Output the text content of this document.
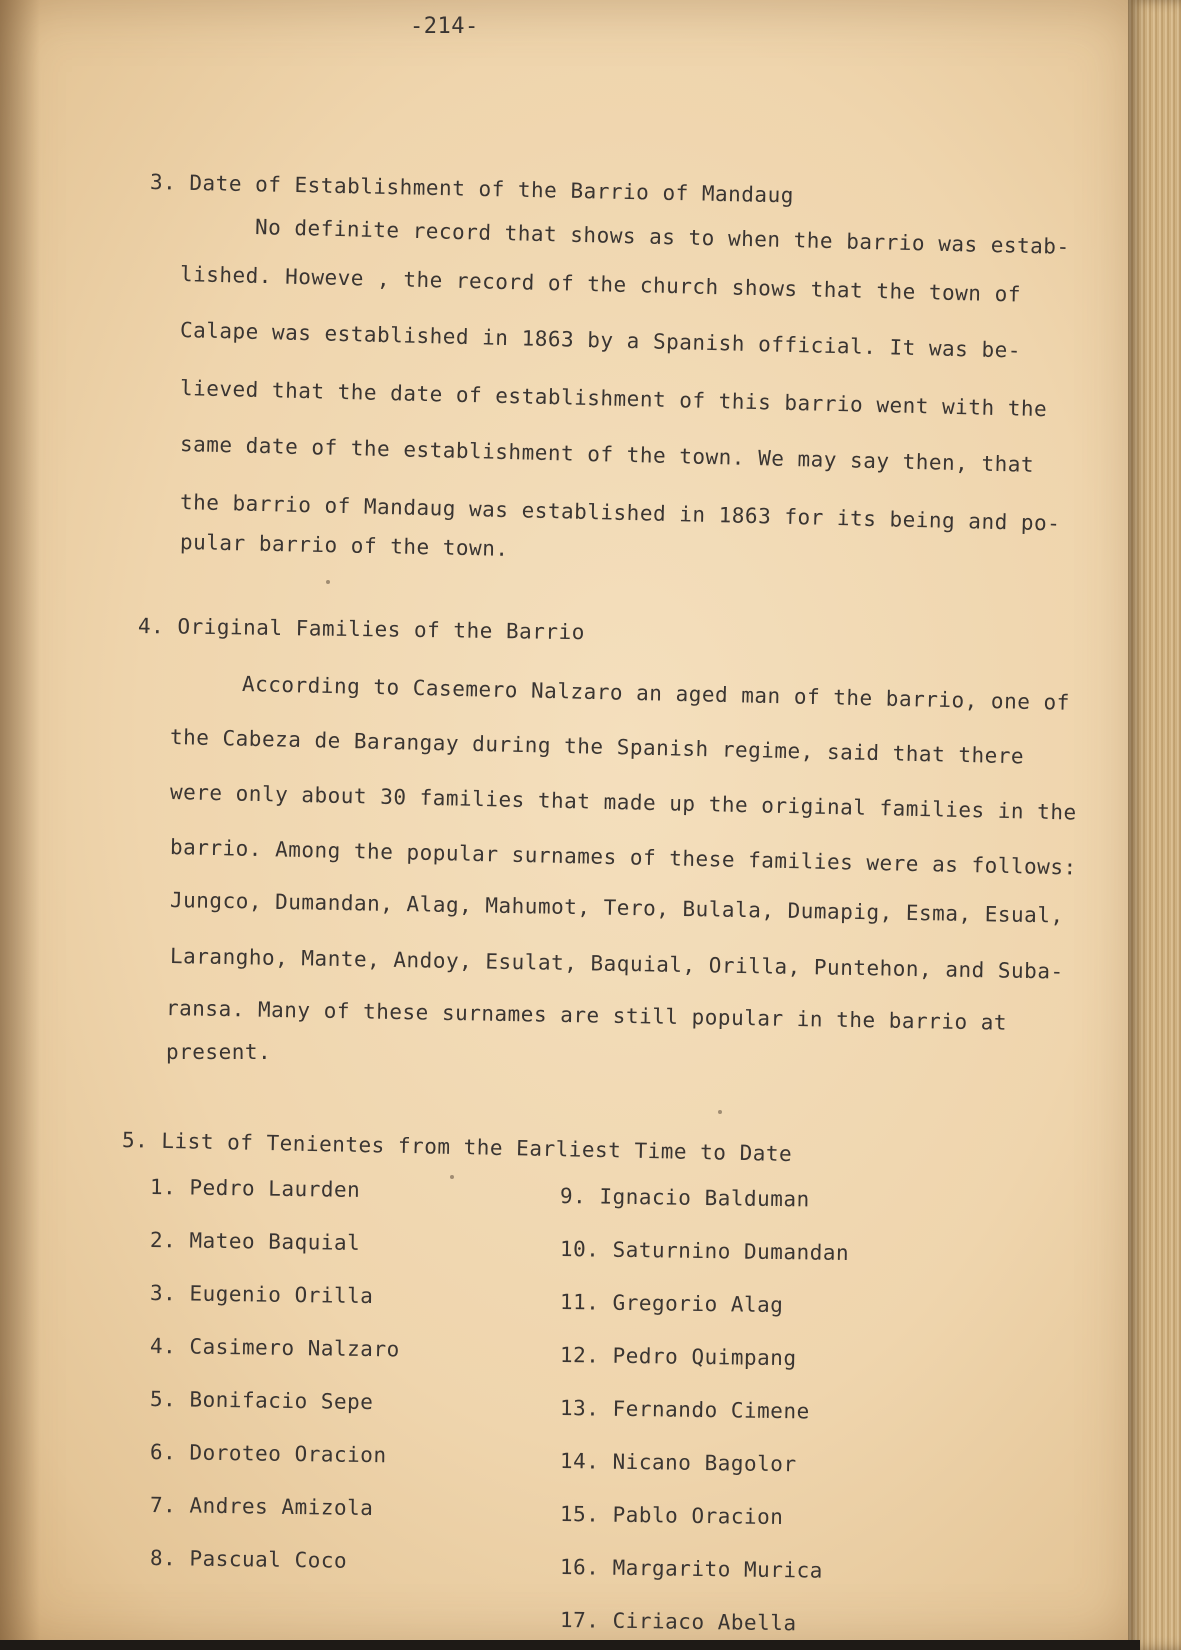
-214-
3. Date of Establishment of the Barrio of Mandaug
No definite record that shows as to when the barrio was estab-
lished. Howeve , the record of the church shows that the town of
Calape was established in 1863 by a Spanish official. It was be-
lieved that the date of establishment of this barrio went with the
same date of the establishment of the town. We may say then, that
the barrio of Mandaug was established in 1863 for its being and po-
pular barrio of the town.
4. Original Families of the Barrio
According to Casemero Nalzaro an aged man of the barrio, one of
the Cabeza de Barangay during the Spanish regime, said that there
were only about 30 families that made up the original families in the
barrio. Among the popular surnames of these families were as follows:
Jungco, Dumandan, Alag, Mahumot, Tero, Bulala, Dumapig, Esma, Esual,
Larangho, Mante, Andoy, Esulat, Baquial, Orilla, Puntehon, and Suba-
ransa. Many of these surnames are still popular in the barrio at
present.
5. List of Tenientes from the Earliest Time to Date
1. Pedro Laurden
2. Mateo Baquial
3. Eugenio Orilla
4. Casimero Nalzaro
5. Bonifacio Sepe
6. Doroteo Oracion
7. Andres Amizola
8. Pascual Coco
9. Ignacio Balduman
10. Saturnino Dumandan
11. Gregorio Alag
12. Pedro Quimpang
13. Fernando Cimene
14. Nicano Bagolor
15. Pablo Oracion
16. Margarito Murica
17. Ciriaco Abella
